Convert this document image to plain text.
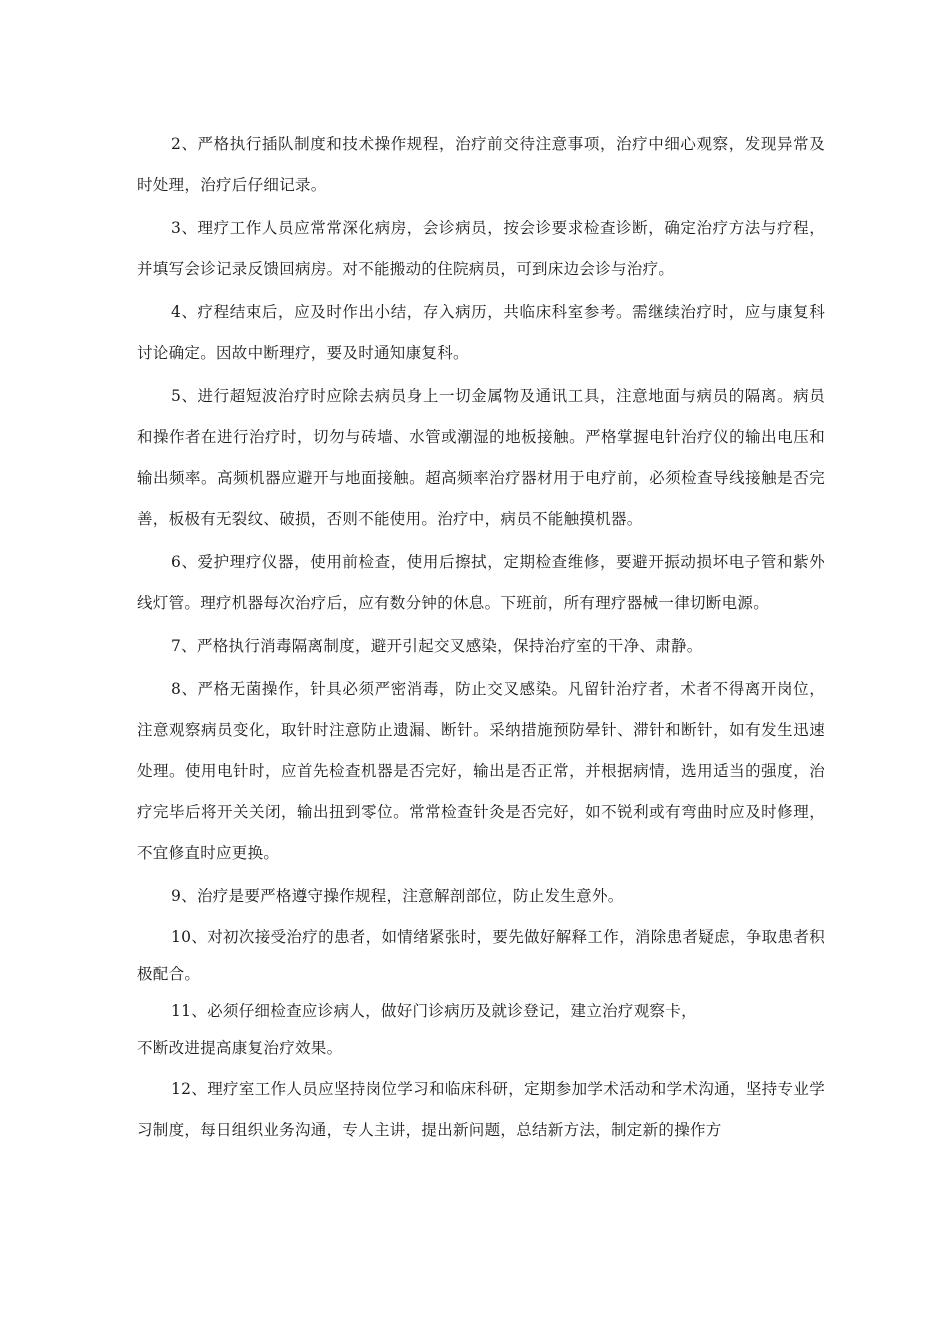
2、严格执行插队制度和技术操作规程，治疗前交待注意事项，治疗中细心观察，发现异常及时处理，治疗后仔细记录。

3、理疗工作人员应常常深化病房，会诊病员，按会诊要求检查诊断，确定治疗方法与疗程，并填写会诊记录反馈回病房。对不能搬动的住院病员，可到床边会诊与治疗。

4、疗程结束后，应及时作出小结，存入病历，共临床科室参考。需继续治疗时，应与康复科讨论确定。因故中断理疗，要及时通知康复科。

5、进行超短波治疗时应除去病员身上一切金属物及通讯工具，注意地面与病员的隔离。病员和操作者在进行治疗时，切勿与砖墙、水管或潮湿的地板接触。严格掌握电针治疗仪的输出电压和输出频率。高频机器应避开与地面接触。超高频率治疗器材用于电疗前，必须检查导线接触是否完善，板极有无裂纹、破损，否则不能使用。治疗中，病员不能触摸机器。

6、爱护理疗仪器，使用前检查，使用后擦拭，定期检查维修，要避开振动损坏电子管和紫外线灯管。理疗机器每次治疗后，应有数分钟的休息。下班前，所有理疗器械一律切断电源。

7、严格执行消毒隔离制度，避开引起交叉感染，保持治疗室的干净、肃静。

8、严格无菌操作，针具必须严密消毒，防止交叉感染。凡留针治疗者，术者不得离开岗位，注意观察病员变化，取针时注意防止遗漏、断针。采纳措施预防晕针、滞针和断针，如有发生迅速处理。使用电针时，应首先检查机器是否完好，输出是否正常，并根据病情，选用适当的强度，治疗完毕后将开关关闭，输出扭到零位。常常检查针灸是否完好，如不锐利或有弯曲时应及时修理，不宜修直时应更换。

9、治疗是要严格遵守操作规程，注意解剖部位，防止发生意外。

10、对初次接受治疗的患者，如情绪紧张时，要先做好解释工作，消除患者疑虑，争取患者积极配合。

11、必须仔细检查应诊病人，做好门诊病历及就诊登记，建立治疗观察卡，

不断改进提高康复治疗效果。

12、理疗室工作人员应坚持岗位学习和临床科研，定期参加学术活动和学术沟通，坚持专业学习制度，每日组织业务沟通，专人主讲，提出新问题，总结新方法，制定新的操作方
